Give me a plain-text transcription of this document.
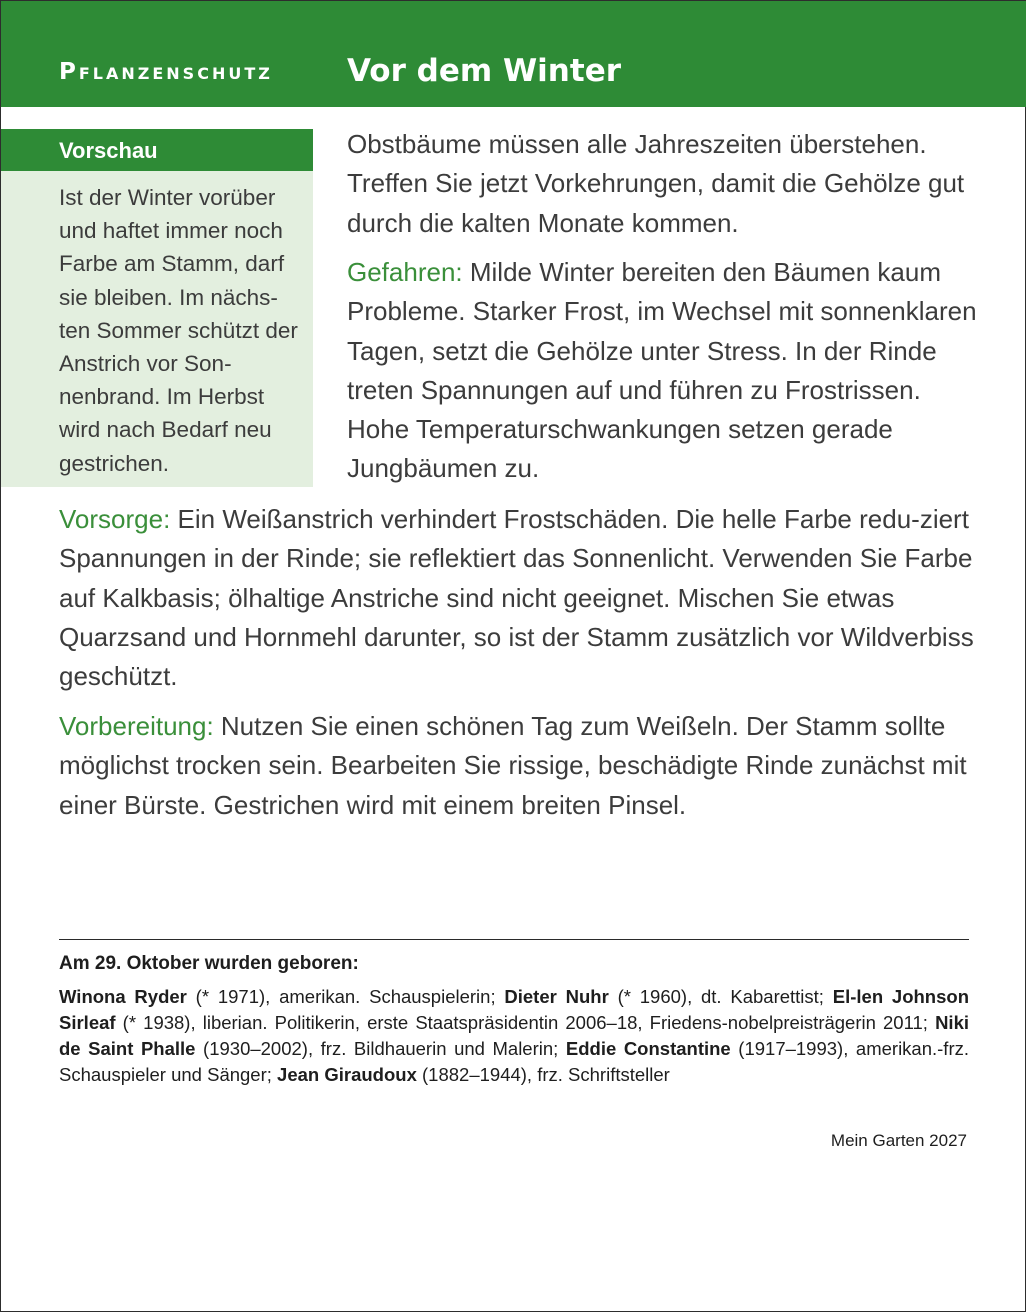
Pflanzenschutz Vor dem Winter
Vorschau

Ist der Winter vorüber und haftet immer noch Farbe am Stamm, darf sie bleiben. Im nächs-ten Sommer schützt der Anstrich vor Son-nenbrand. Im Herbst wird nach Bedarf neu gestrichen.

Obstbäume müssen alle Jahreszeiten überstehen. Treffen Sie jetzt Vorkehrungen, damit die Gehölze gut durch die kalten Monate kommen.

Gefahren: Milde Winter bereiten den Bäumen kaum Probleme. Starker Frost, im Wechsel mit sonnenklaren Tagen, setzt die Gehölze unter Stress. In der Rinde treten Spannungen auf und führen zu Frostrissen. Hohe Temperaturschwankungen setzen gerade Jungbäumen zu.

Vorsorge: Ein Weißanstrich verhindert Frostschäden. Die helle Farbe redu-ziert Spannungen in der Rinde; sie reflektiert das Sonnenlicht. Verwenden Sie Farbe auf Kalkbasis; ölhaltige Anstriche sind nicht geeignet. Mischen Sie etwas Quarzsand und Hornmehl darunter, so ist der Stamm zusätzlich vor Wildverbiss geschützt.

Vorbereitung: Nutzen Sie einen schönen Tag zum Weißeln. Der Stamm sollte möglichst trocken sein. Bearbeiten Sie rissige, beschädigte Rinde zunächst mit einer Bürste. Gestrichen wird mit einem breiten Pinsel.

Am 29. Oktober wurden geboren:

Winona Ryder (* 1971), amerikan. Schauspielerin; Dieter Nuhr (* 1960), dt. Kabarettist; El-len Johnson Sirleaf (* 1938), liberian. Politikerin, erste Staatspräsidentin 2006–18, Friedens-nobelpreisträgerin 2011; Niki de Saint Phalle (1930–2002), frz. Bildhauerin und Malerin; Eddie Constantine (1917–1993), amerikan.-frz. Schauspieler und Sänger; Jean Giraudoux (1882–1944), frz. Schriftsteller

Mein Garten 2027
